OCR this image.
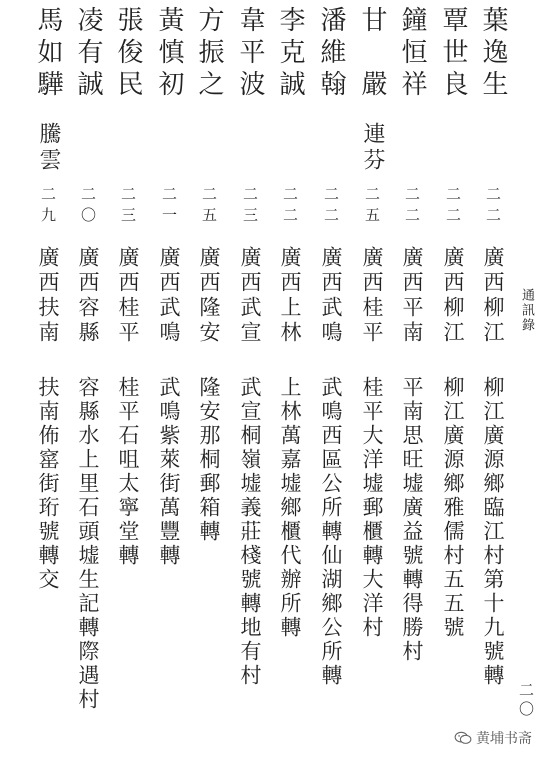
通訊錄
葉逸生
二二
廣西柳江
柳江廣源鄉臨江村第十九號轉
覃世良
二二
廣西柳江
柳江廣源鄉雅儒村五五號
鐘恒祥
二二
廣西平南
平南思旺墟廣益號轉得勝村
甘　嚴
連芬
二五
廣西桂平
桂平大洋墟郵櫃轉大洋村
潘維翰
二二
廣西武鳴
武鳴西區公所轉仙湖鄉公所轉
李克誠
二二
廣西上林
上林萬嘉墟鄉櫃代辦所轉
韋平波
二三
廣西武宣
武宣桐嶺墟義莊棧號轉地有村
方振之
二五
廣西隆安
隆安那桐郵箱轉
黃慎初
二一
廣西武鳴
武鳴紫萊街萬豐轉
張俊民
二三
廣西桂平
桂平石咀太寧堂轉
凌有誠
二〇
廣西容縣
容縣水上里石頭墟生記轉際遇村
馬如驊
騰雲
二九
廣西扶南
扶南佈窰街珩號轉交
二〇
黄埔书斋
